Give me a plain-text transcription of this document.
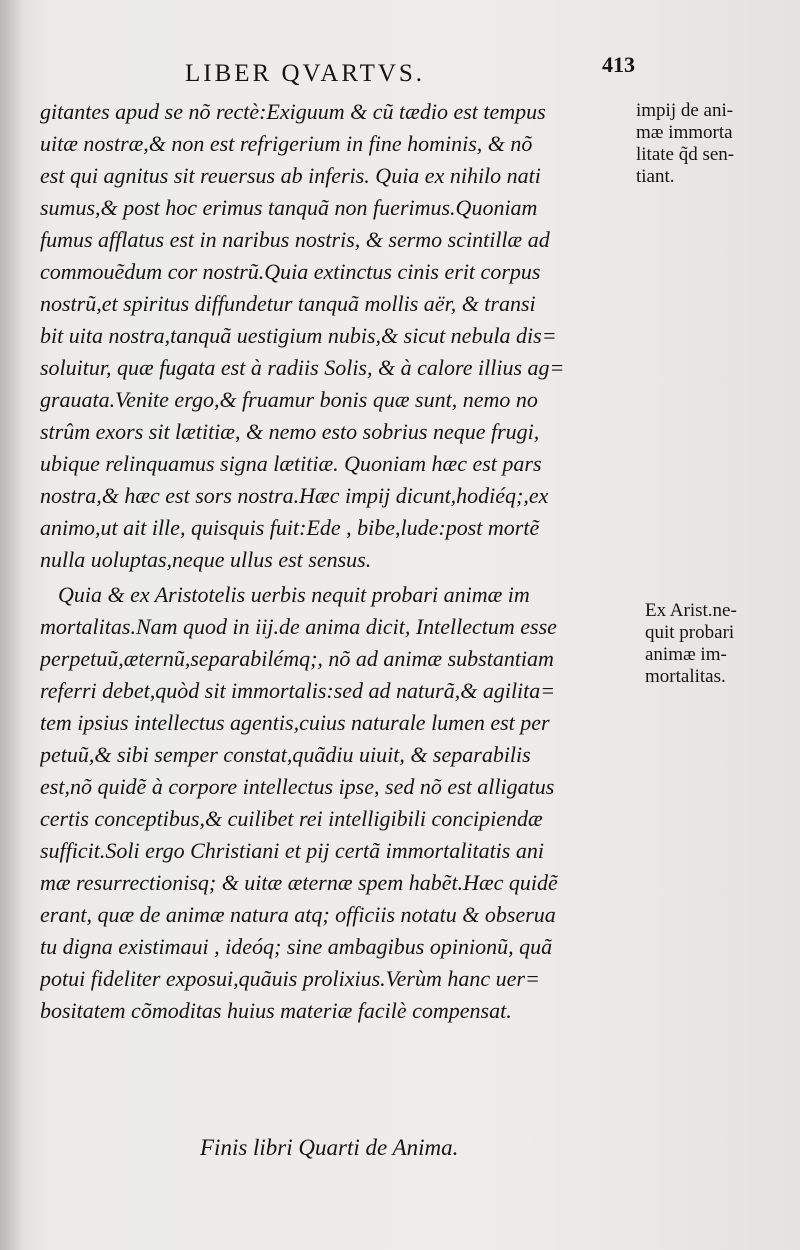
LIBER QVARTVS.	413
gitantes apud se nõ rectè:Exiguum & cũ tædio est tempus
uitæ nostræ,& non est refrigerium in fine hominis, & nõ
est qui agnitus sit reuersus ab inferis. Quia ex nihilo nati
sumus,& post hoc erimus tanquã non fuerimus.Quoniam
fumus afflatus est in naribus nostris, & sermo scintillæ ad
commouẽdum cor nostrũ.Quia extinctus cinis erit corpus
nostrũ,et spiritus diffundetur tanquã mollis aër, & transi
bit uita nostra,tanquã uestigium nubis,& sicut nebula dis=
soluitur, quæ fugata est à radiis Solis, & à calore illius ag=
grauata.Venite ergo,& fruamur bonis quæ sunt, nemo no
strûm exors sit lætitiæ, & nemo esto sobrius neque frugi,
ubique relinquamus signa lætitiæ. Quoniam hæc est pars
nostra,& hæc est sors nostra.Hæc impij dicunt,hodiéq;,ex
animo,ut ait ille, quisquis fuit:Ede , bibe,lude:post mortẽ
nulla uoluptas,neque ullus est sensus.
Quia & ex Aristotelis uerbis nequit probari animæ im
mortalitas.Nam quod in iij.de anima dicit, Intellectum esse
perpetuũ,æternũ,separabilémq;, nõ ad animæ substantiam
referri debet,quòd sit immortalis:sed ad naturã,& agilita=
tem ipsius intellectus agentis,cuius naturale lumen est per
petuũ,& sibi semper constat,quãdiu uiuit, & separabilis
est,nõ quidẽ à corpore intellectus ipse, sed nõ est alligatus
certis conceptibus,& cuilibet rei intelligibili concipiendæ
sufficit.Soli ergo Christiani et pij certã immortalitatis ani
mæ resurrectionisq; & uitæ æternæ spem habẽt.Hæc quidẽ
erant, quæ de animæ natura atq; officiis notatu & obserua
tu digna existimaui , ideóq; sine ambagibus opinionũ, quã
potui fideliter exposui,quãuis prolixius.Verùm hanc uer=
bositatem cõmoditas huius materiæ facilè compensat.
Finis libri Quarti de Anima.
impij de ani-
mæ immorta
litate q̃d sen-
tiant.
Ex Arist.ne-
quit probari
animæ im-
mortalitas.
